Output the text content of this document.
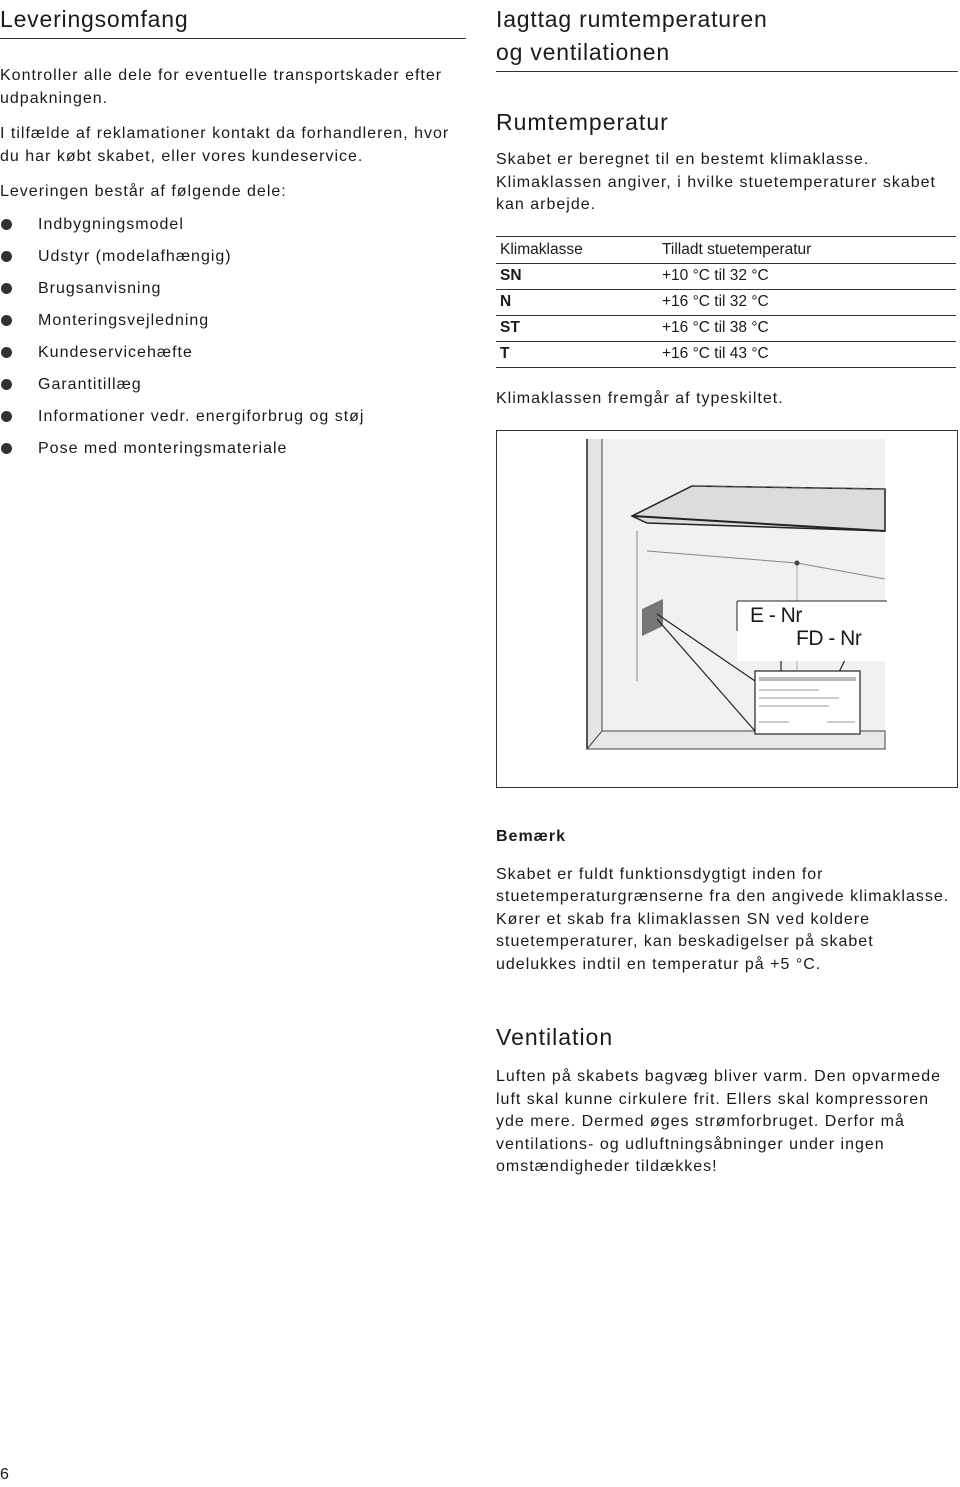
Leveringsomfang

Kontroller alle dele for eventuelle transportskader efter udpakningen.

I tilfælde af reklamationer kontakt da forhandleren, hvor du har købt skabet, eller vores kundeservice.

Leveringen består af følgende dele:

Indbygningsmodel
Udstyr (modelafhængig)
Brugsanvisning
Monteringsvejledning
Kundeservicehæfte
Garantitillæg
Informationer vedr. energiforbrug og støj
Pose med monteringsmateriale
Iagttag rumtemperaturen
og ventilationen
Rumtemperatur

Skabet er beregnet til en bestemt klimaklasse. Klimaklassen angiver, i hvilke stuetemperaturer skabet kan arbejde.

Klimaklasse	Tilladt stuetemperatur
SN	+10 °C til 32 °C
N	+16 °C til 32 °C
ST	+16 °C til 38 °C
T	+16 °C til 43 °C

Klimaklassen fremgår af typeskiltet.

E - Nr
FD - Nr

Bemærk

Skabet er fuldt funktionsdygtigt inden for stuetemperaturgrænserne fra den angivede klimaklasse. Kører et skab fra klimaklassen SN ved koldere stuetemperaturer, kan beskadigelser på skabet udelukkes indtil en temperatur på +5 °C.

Ventilation

Luften på skabets bagvæg bliver varm. Den opvarmede luft skal kunne cirkulere frit. Ellers skal kompressoren yde mere. Dermed øges strømforbruget. Derfor må ventilations- og udluftningsåbninger under ingen omstændigheder tildækkes!

6
